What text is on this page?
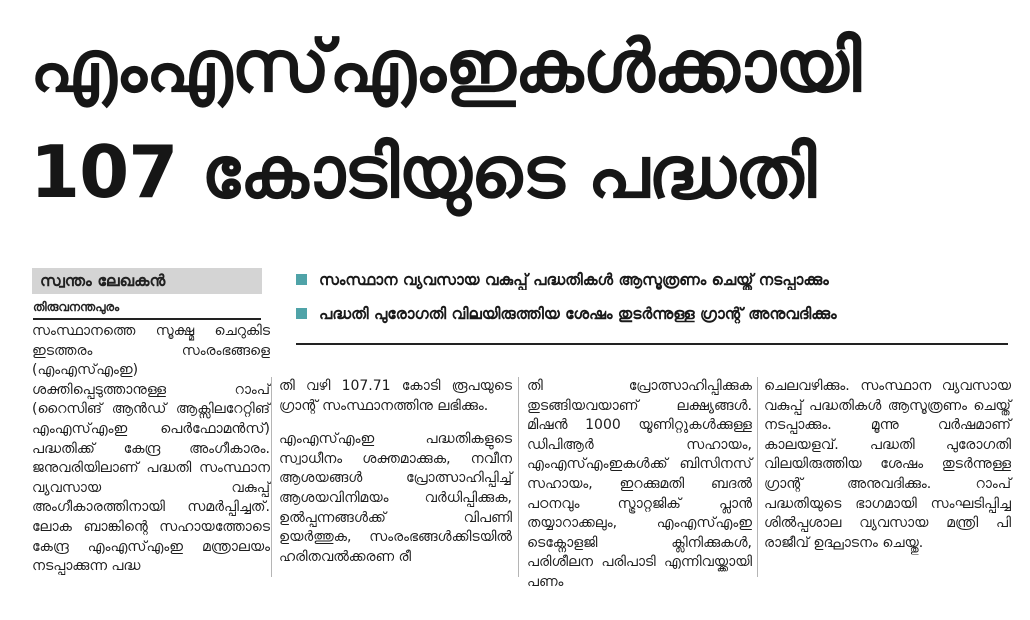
എംഎസ്എംഇകൾക്കായി
107 കോടിയുടെ പദ്ധതി
സ്വന്തം ലേഖകൻ
തിരുവനന്തപുരം
സംസ്ഥാന വ്യവസായ വകുപ്പ് പദ്ധതികൾ ആസൂത്രണം ചെയ്ത് നടപ്പാക്കും
പദ്ധതി പുരോഗതി വിലയിരുത്തിയ ശേഷം തുടർന്നുള്ള ഗ്രാന്റ് അനുവദിക്കും

സംസ്ഥാനത്തെ സൂക്ഷ്മ ചെറുകിട ഇടത്തരം സംരംഭങ്ങളെ (എംഎസ്എംഇ) ശക്തിപ്പെടുത്താനുള്ള റാംപ് (റൈസിങ് ആൻഡ് ആക്സിലറേറ്റിങ് എംഎസ്എംഇ പെർഫോമൻസ്) പദ്ധതിക്ക് കേന്ദ്ര അംഗീകാരം. ജനുവരിയിലാണ് പദ്ധതി സംസ്ഥാന വ്യവസായ വകുപ്പ് അംഗീകാരത്തിനായി സമർപ്പിച്ചത്. ലോക ബാങ്കിന്റെ സഹായത്തോടെ കേന്ദ്ര എംഎസ്എംഇ മന്ത്രാലയം നടപ്പാക്കുന്ന പദ്ധ

തി വഴി 107.71 കോടി രൂപയുടെ ഗ്രാന്റ് സംസ്ഥാനത്തിനു ലഭിക്കും.

എംഎസ്എംഇ പദ്ധതികളുടെ സ്വാധീനം ശക്തമാക്കുക, നവീന ആശയങ്ങൾ പ്രോത്സാഹിപ്പിച്ച് ആശയവിനിമയം വർധിപ്പിക്കുക, ഉൽപ്പന്നങ്ങൾക്ക് വിപണി ഉയർത്തുക, സംരംഭങ്ങൾക്കിടയിൽ ഹരിതവൽക്കരണ രീ

തി പ്രോത്സാഹിപ്പിക്കുക തുടങ്ങിയവയാണ് ലക്ഷ്യങ്ങൾ. മിഷൻ 1000 യൂണിറ്റുകൾക്കുള്ള ഡിപിആർ സഹായം, എംഎസ്എംഇകൾക്ക് ബിസിനസ് സഹായം, ഇറക്കുമതി ബദൽ പഠനവും സ്ട്രാറ്റജിക് പ്ലാൻ തയ്യാറാക്കലും, എംഎസ്എംഇ ടെക്നോളജി ക്ലിനിക്കുകൾ, പരിശീലന പരിപാടി എന്നിവയ്ക്കായി പണം

ചെലവഴിക്കും. സംസ്ഥാന വ്യവസായ വകുപ്പ് പദ്ധതികൾ ആസൂത്രണം ചെയ്ത് നടപ്പാക്കും. മൂന്നു വർഷമാണ് കാലയളവ്. പദ്ധതി പുരോഗതി വിലയിരുത്തിയ ശേഷം തുടർന്നുള്ള ഗ്രാന്റ് അനുവദിക്കും. റാംപ് പദ്ധതിയുടെ ഭാഗമായി സംഘടിപ്പിച്ച ശിൽപ്പശാല വ്യവസായ മന്ത്രി പി രാജീവ് ഉദ്ഘാടനം ചെയ്തു.
